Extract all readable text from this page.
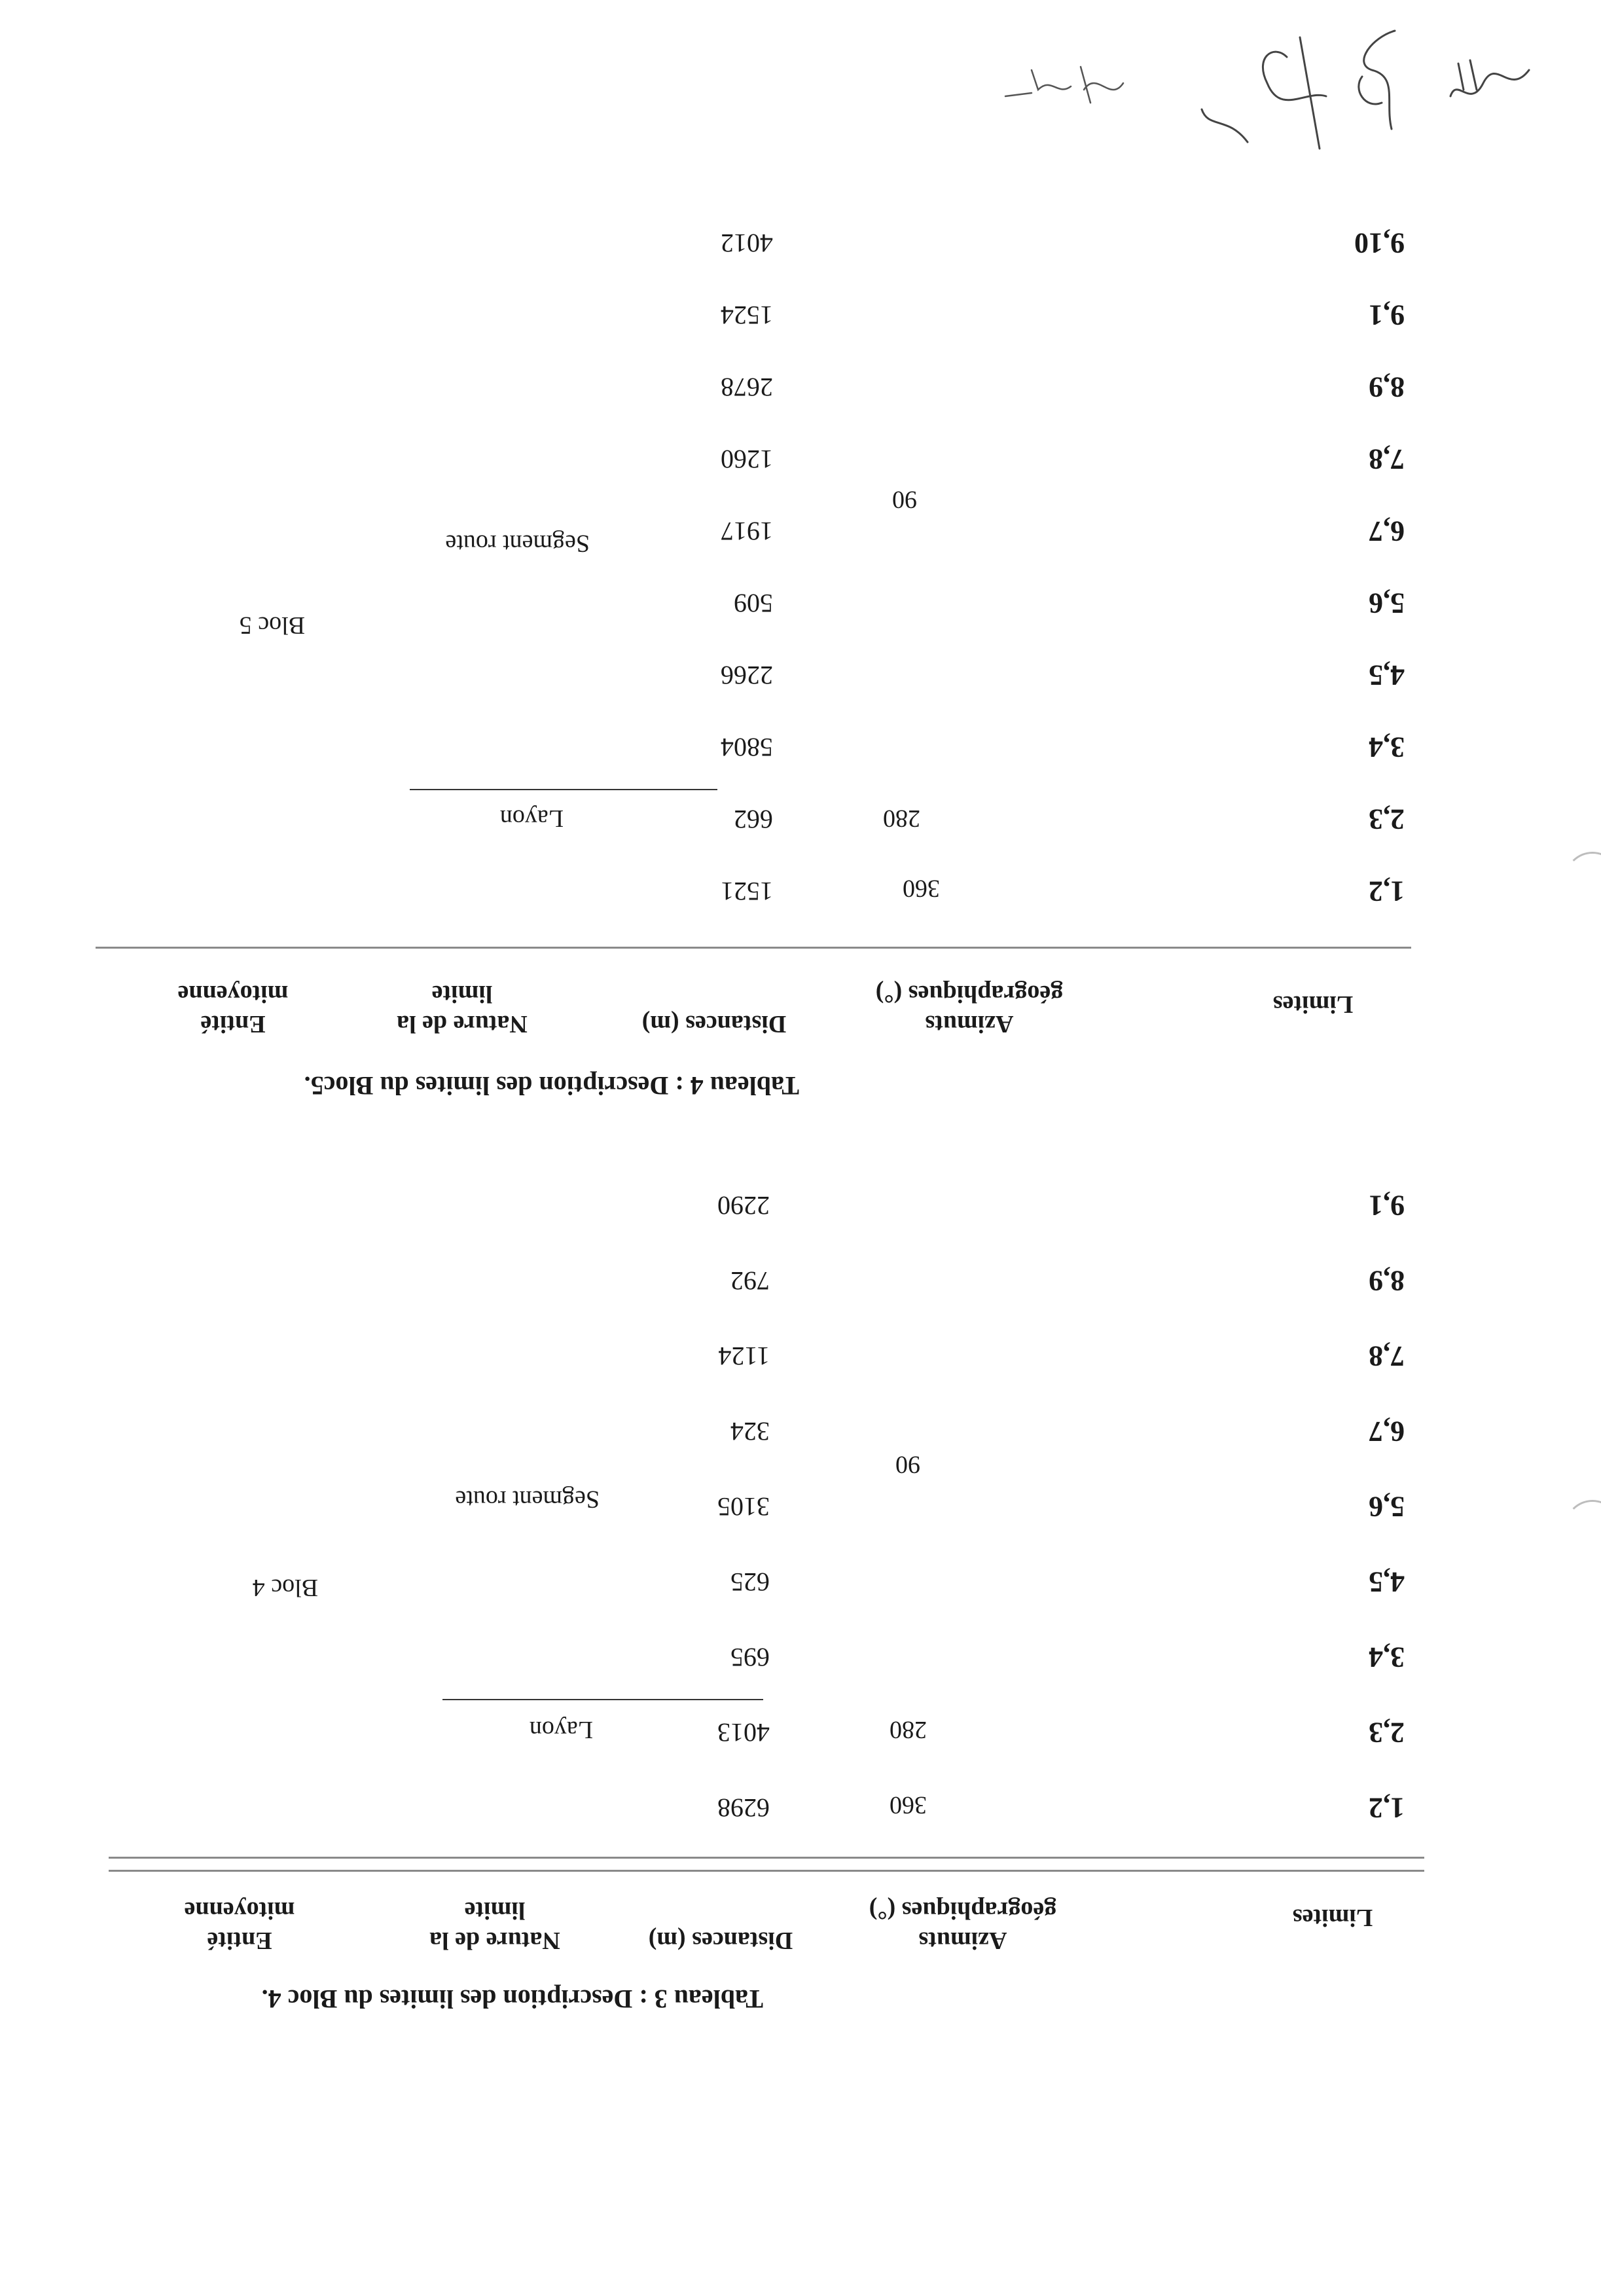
Tableau 3 : Description des limites du Bloc 4.
Limites
Azimuts géographiques (°)
Distances (m)
Nature de la limite
Entité mitoyenne
1,2
6298
2,3
4013
3,4
695
4,5
625
5,6
3105
6,7
324
7,8
1124
8,9
792
9,1
2290
360
280
90
Layon
Segment route
Bloc 4
Tableau 4 : Description des limites du Bloc5.
Limites
Azimuts géographiques (°)
Distances (m)
Nature de la limite
Entité mitoyenne
1,2
1521
2,3
662
3,4
5804
4,5
2266
5,6
509
6,7
1917
7,8
1260
8,9
2678
9,1
1524
9,10
4012
360
280
90
Layon
Segment route
Bloc 5
